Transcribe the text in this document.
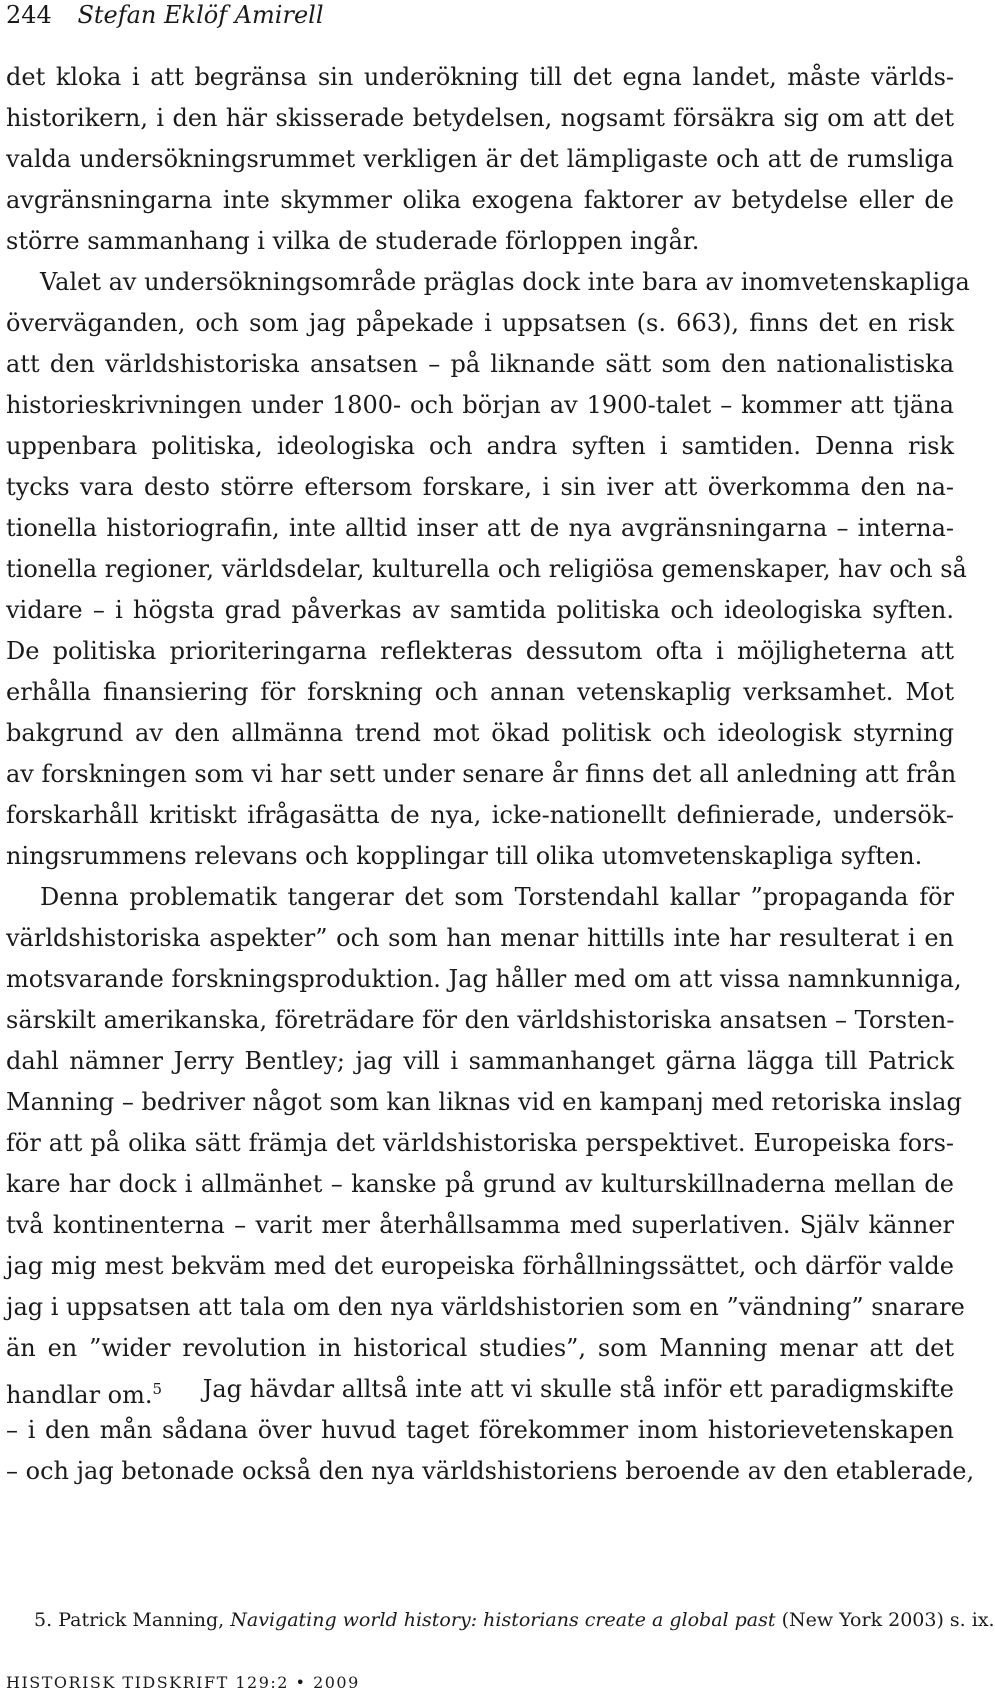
244 Stefan Eklöf Amirell
det kloka i att begränsa sin underökning till det egna landet, måste världs-
historikern, i den här skisserade betydelsen, nogsamt försäkra sig om att det
valda undersökningsrummet verkligen är det lämpligaste och att de rumsliga
avgränsningarna inte skymmer olika exogena faktorer av betydelse eller de
större sammanhang i vilka de studerade förloppen ingår.
Valet av undersökningsområde präglas dock inte bara av inomvetenskapliga
överväganden, och som jag påpekade i uppsatsen (s. 663), finns det en risk
att den världshistoriska ansatsen – på liknande sätt som den nationalistiska
historieskrivningen under 1800- och början av 1900-talet – kommer att tjäna
uppenbara politiska, ideologiska och andra syften i samtiden. Denna risk
tycks vara desto större eftersom forskare, i sin iver att överkomma den na-
tionella historiografin, inte alltid inser att de nya avgränsningarna – interna-
tionella regioner, världsdelar, kulturella och religiösa gemenskaper, hav och så
vidare – i högsta grad påverkas av samtida politiska och ideologiska syften.
De politiska prioriteringarna reflekteras dessutom ofta i möjligheterna att
erhålla finansiering för forskning och annan vetenskaplig verksamhet. Mot
bakgrund av den allmänna trend mot ökad politisk och ideologisk styrning
av forskningen som vi har sett under senare år finns det all anledning att från
forskarhåll kritiskt ifrågasätta de nya, icke-nationellt definierade, undersök-
ningsrummens relevans och kopplingar till olika utomvetenskapliga syften.
Denna problematik tangerar det som Torstendahl kallar ”propaganda för
världshistoriska aspekter” och som han menar hittills inte har resulterat i en
motsvarande forskningsproduktion. Jag håller med om att vissa namnkunniga,
särskilt amerikanska, företrädare för den världshistoriska ansatsen – Torsten-
dahl nämner Jerry Bentley; jag vill i sammanhanget gärna lägga till Patrick
Manning – bedriver något som kan liknas vid en kampanj med retoriska inslag
för att på olika sätt främja det världshistoriska perspektivet. Europeiska fors-
kare har dock i allmänhet – kanske på grund av kulturskillnaderna mellan de
två kontinenterna – varit mer återhållsamma med superlativen. Själv känner
jag mig mest bekväm med det europeiska förhållningssättet, och därför valde
jag i uppsatsen att tala om den nya världshistorien som en ”vändning” snarare
än en ”wider revolution in historical studies”, som Manning menar att det
handlar om.$^5$ Jag hävdar alltså inte att vi skulle stå inför ett paradigmskifte
– i den mån sådana över huvud taget förekommer inom historievetenskapen
– och jag betonade också den nya världshistoriens beroende av den etablerade,
5. Patrick Manning, Navigating world history: historians create a global past (New York 2003) s. ix.
HISTORISK TIDSKRIFT 129:2 • 2009
